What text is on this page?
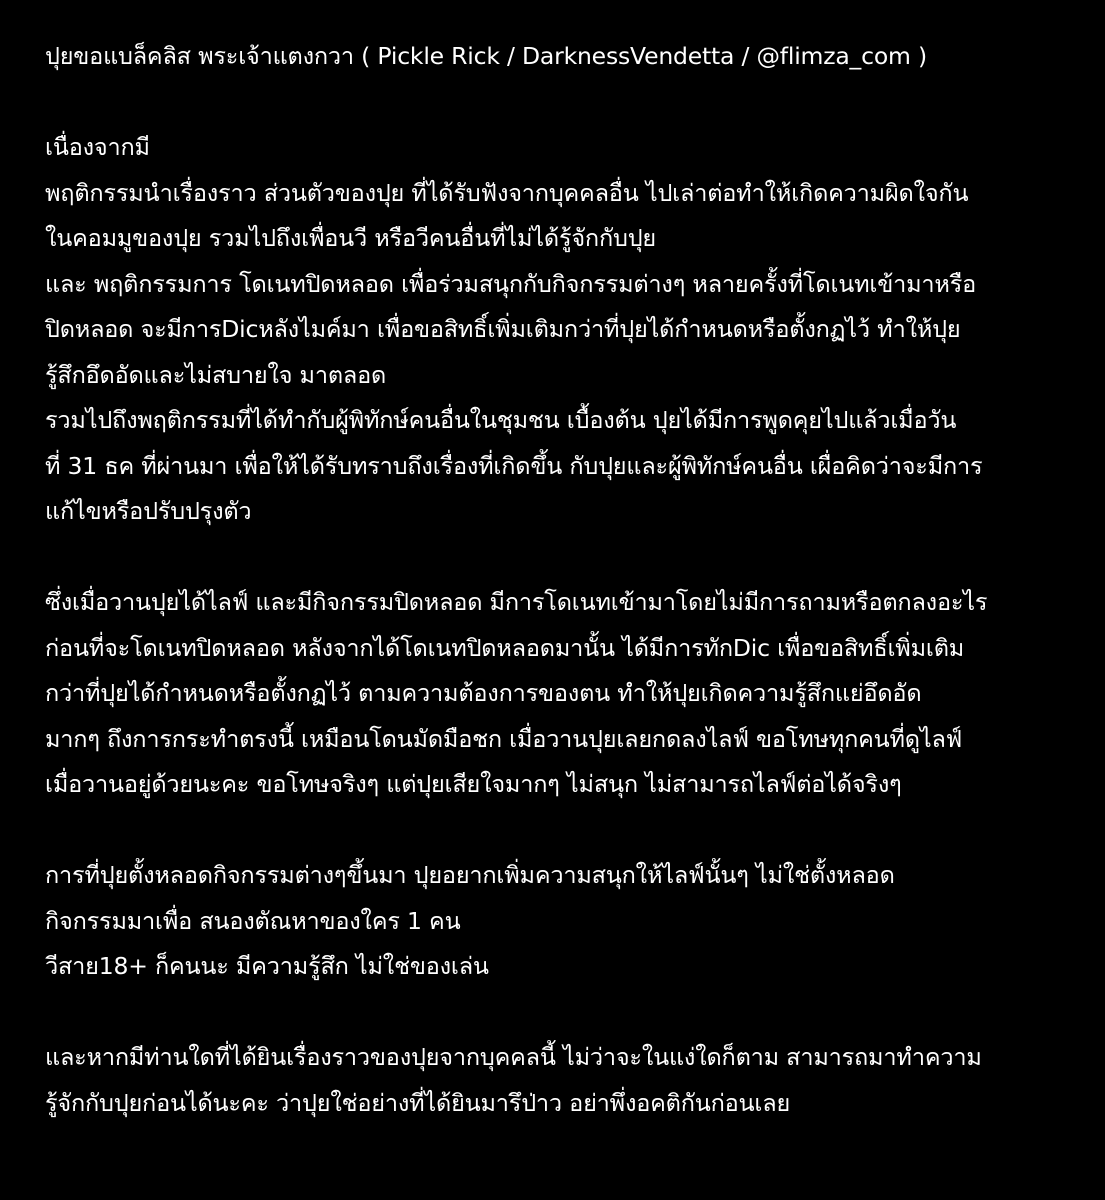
ปุยขอแบล็คลิส พระเจ้าแตงกวา ( Pickle Rick / DarknessVendetta / @flimza_com )
เนื่องจากมี
พฤติกรรมนำเรื่องราว ส่วนตัวของปุย ที่ได้รับฟังจากบุคคลอื่น ไปเล่าต่อทำให้เกิดความผิดใจกัน
ในคอมมูของปุย รวมไปถึงเพื่อนวี หรือวีคนอื่นที่ไม่ได้รู้จักกับปุย
และ พฤติกรรมการ โดเนทปิดหลอด เพื่อร่วมสนุกกับกิจกรรมต่างๆ หลายครั้งที่โดเนทเข้ามาหรือ
ปิดหลอด จะมีการDicหลังไมค์มา เพื่อขอสิทธิ์เพิ่มเติมกว่าที่ปุยได้กำหนดหรือตั้งกฏไว้ ทำให้ปุย
รู้สึกอึดอัดและไม่สบายใจ มาตลอด
รวมไปถึงพฤติกรรมที่ได้ทำกับผู้พิทักษ์คนอื่นในชุมชน เบื้องต้น ปุยได้มีการพูดคุยไปแล้วเมื่อวัน
ที่ 31 ธค ที่ผ่านมา เพื่อให้ได้รับทราบถึงเรื่องที่เกิดขึ้น กับปุยและผู้พิทักษ์คนอื่น เผื่อคิดว่าจะมีการ
แก้ไขหรือปรับปรุงตัว
ซึ่งเมื่อวานปุยได้ไลฟ์ และมีกิจกรรมปิดหลอด มีการโดเนทเข้ามาโดยไม่มีการถามหรือตกลงอะไร
ก่อนที่จะโดเนทปิดหลอด หลังจากได้โดเนทปิดหลอดมานั้น ได้มีการทักDic เพื่อขอสิทธิ์เพิ่มเติม
กว่าที่ปุยได้กำหนดหรือตั้งกฏไว้ ตามความต้องการของตน ทำให้ปุยเกิดความรู้สึกแย่อึดอัด
มากๆ ถึงการกระทำตรงนี้ เหมือนโดนมัดมือชก เมื่อวานปุยเลยกดลงไลฟ์ ขอโทษทุกคนที่ดูไลฟ์
เมื่อวานอยู่ด้วยนะคะ ขอโทษจริงๆ แต่ปุยเสียใจมากๆ ไม่สนุก ไม่สามารถไลฟ์ต่อได้จริงๆ
การที่ปุยตั้งหลอดกิจกรรมต่างๆขึ้นมา ปุยอยากเพิ่มความสนุกให้ไลฟ์นั้นๆ ไม่ใช่ตั้งหลอด
กิจกรรมมาเพื่อ สนองตัณหาของใคร 1 คน
วีสาย18+ ก็คนนะ มีความรู้สึก ไม่ใช่ของเล่น
และหากมีท่านใดที่ได้ยินเรื่องราวของปุยจากบุคคลนี้ ไม่ว่าจะในแง่ใดก็ตาม สามารถมาทำความ
รู้จักกับปุยก่อนได้นะคะ ว่าปุยใช่อย่างที่ได้ยินมารึป่าว อย่าพึ่งอคติกันก่อนเลย
